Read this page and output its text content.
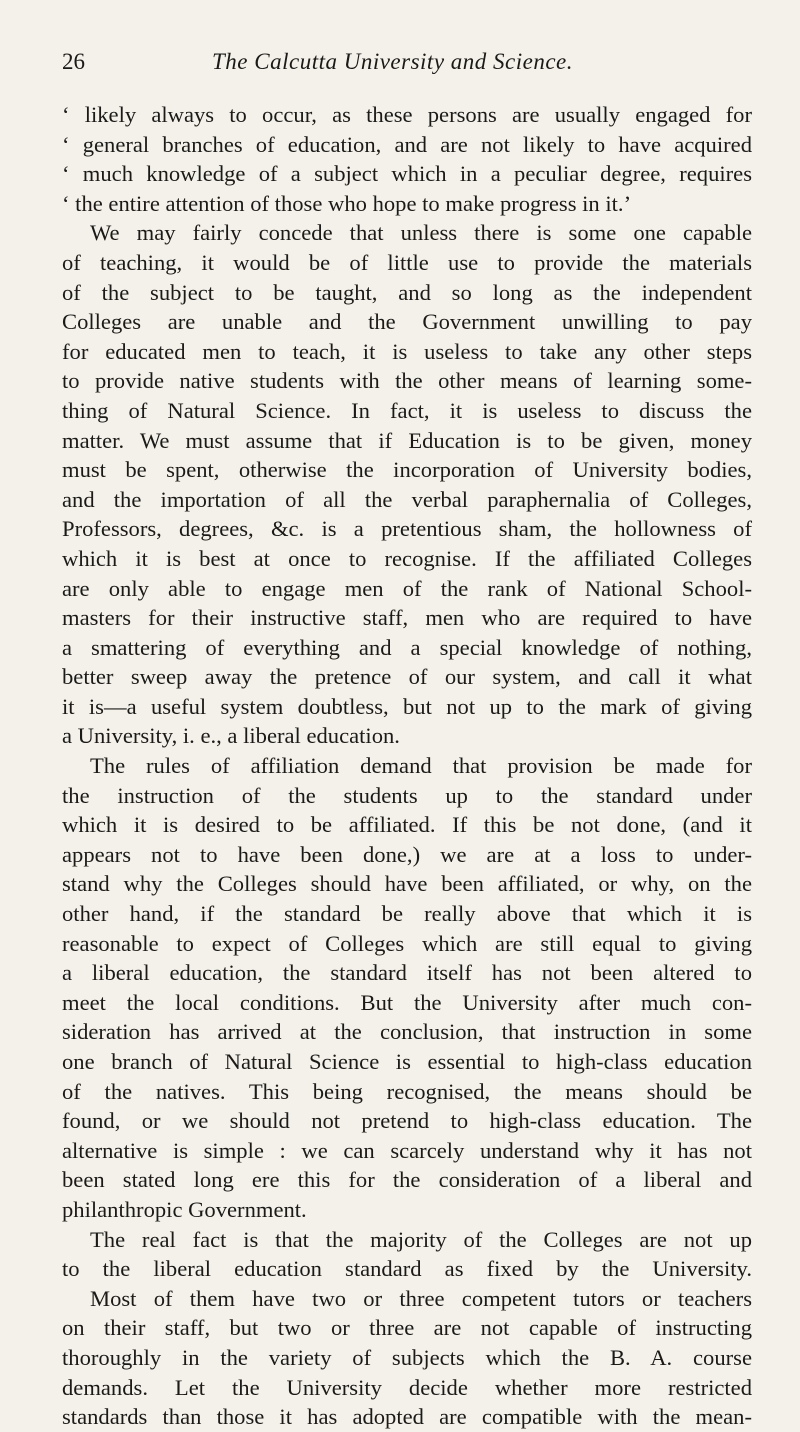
26	The Calcutta University and Science.
‘ likely always to occur, as these persons are usually engaged for
‘ general branches of education, and are not likely to have acquired
‘ much knowledge of a subject which in a peculiar degree, requires
‘ the entire attention of those who hope to make progress in it.’
We may fairly concede that unless there is some one capable
of teaching, it would be of little use to provide the materials
of the subject to be taught, and so long as the independent
Colleges are unable and the Government unwilling to pay
for educated men to teach, it is useless to take any other steps
to provide native students with the other means of learning some-
thing of Natural Science. In fact, it is useless to discuss the
matter. We must assume that if Education is to be given, money
must be spent, otherwise the incorporation of University bodies,
and the importation of all the verbal paraphernalia of Colleges,
Professors, degrees, &c. is a pretentious sham, the hollowness of
which it is best at once to recognise. If the affiliated Colleges
are only able to engage men of the rank of National School-
masters for their instructive staff, men who are required to have
a smattering of everything and a special knowledge of nothing,
better sweep away the pretence of our system, and call it what
it is—a useful system doubtless, but not up to the mark of giving
a University, i. e., a liberal education.
The rules of affiliation demand that provision be made for
the instruction of the students up to the standard under
which it is desired to be affiliated. If this be not done, (and it
appears not to have been done,) we are at a loss to under-
stand why the Colleges should have been affiliated, or why, on the
other hand, if the standard be really above that which it is
reasonable to expect of Colleges which are still equal to giving
a liberal education, the standard itself has not been altered to
meet the local conditions. But the University after much con-
sideration has arrived at the conclusion, that instruction in some
one branch of Natural Science is essential to high-class education
of the natives. This being recognised, the means should be
found, or we should not pretend to high-class education. The
alternative is simple : we can scarcely understand why it has not
been stated long ere this for the consideration of a liberal and
philanthropic Government.
The real fact is that the majority of the Colleges are not up
to the liberal education standard as fixed by the University.
Most of them have two or three competent tutors or teachers
on their staff, but two or three are not capable of instructing
thoroughly in the variety of subjects which the B. A. course
demands. Let the University decide whether more restricted
standards than those it has adopted are compatible with the mean-
